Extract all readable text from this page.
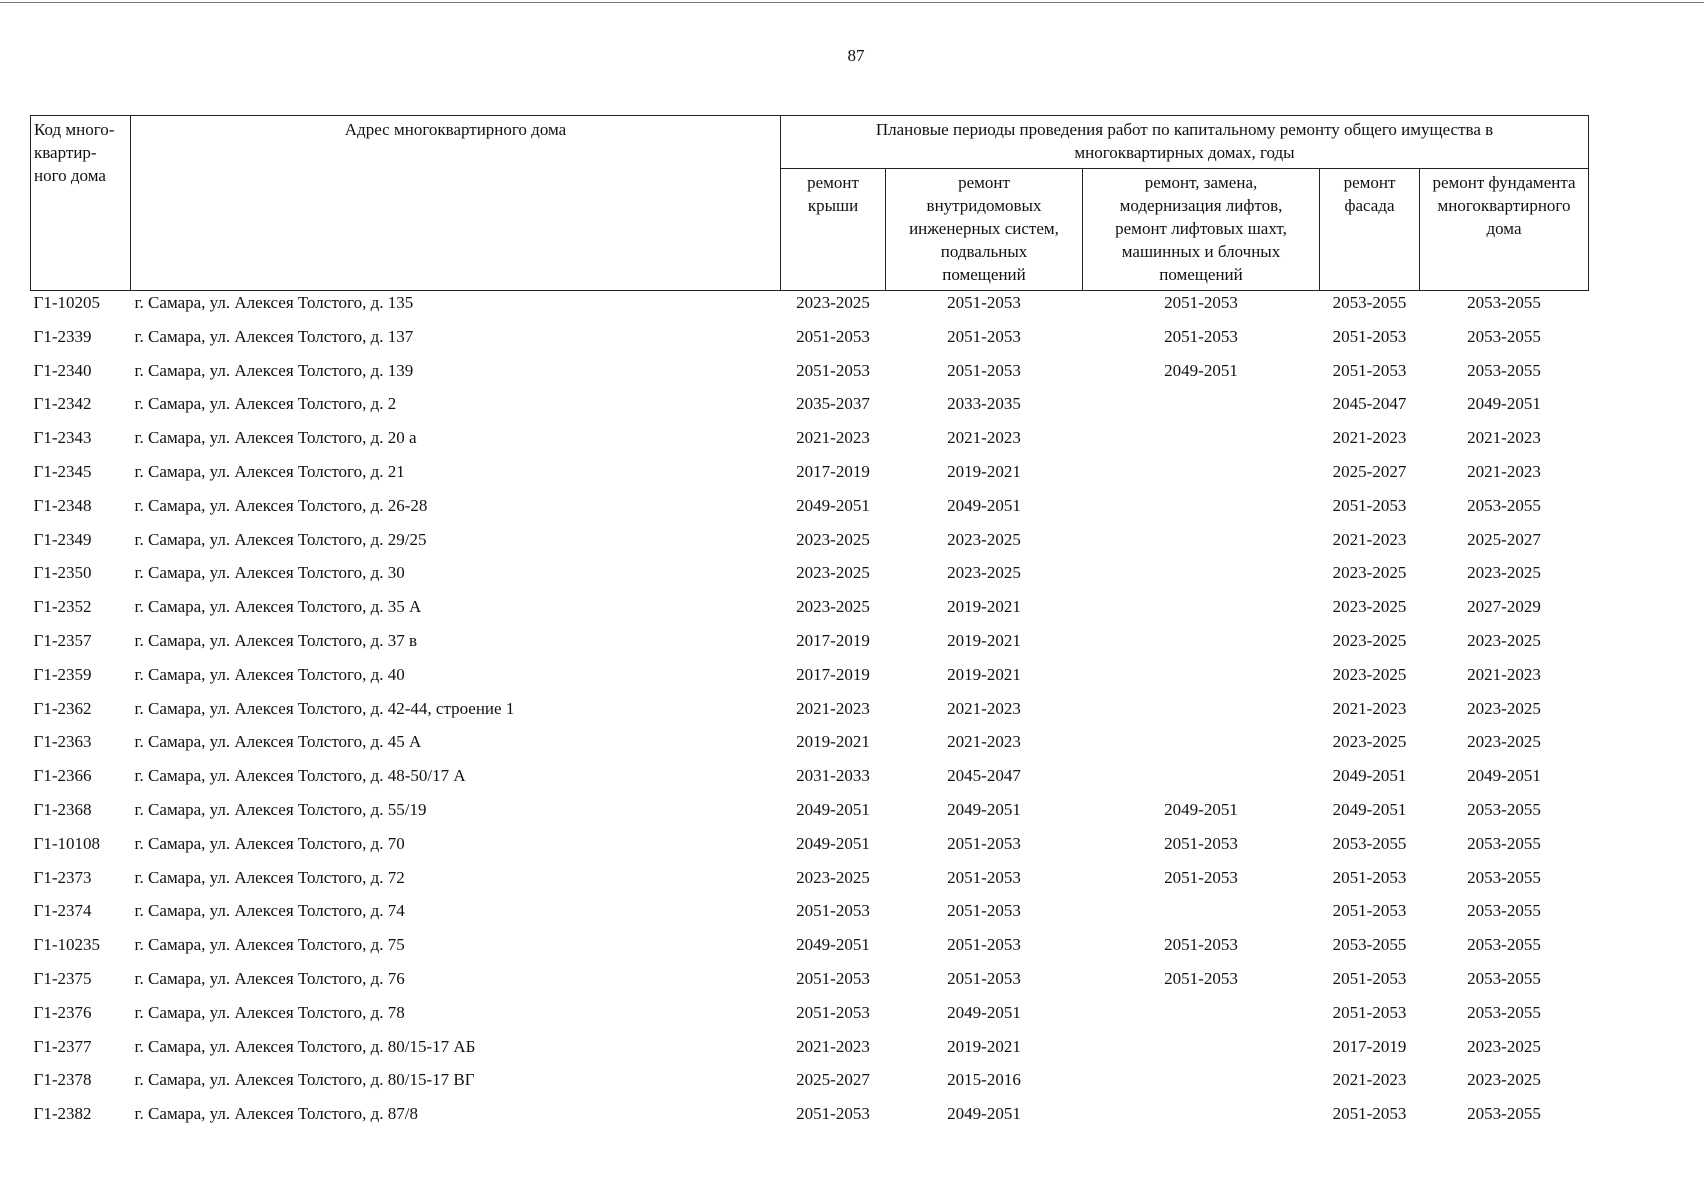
87
Код много-
квартир-
ного дома	Адрес многоквартирного дома	Плановые периоды проведения работ по капитальному ремонту общего имущества в многоквартирных домах, годы				
		ремонт
крыши	ремонт
внутридомовых
инженерных систем,
подвальных
помещений	ремонт, замена,
модернизация лифтов,
ремонт лифтовых шахт,
машинных и блочных
помещений	ремонт
фасада	ремонт фундамента
многоквартирного
дома
Г1-10205	г. Самара, ул. Алексея Толстого, д. 135	2023-2025	2051-2053	2051-2053	2053-2055	2053-2055
Г1-2339	г. Самара, ул. Алексея Толстого, д. 137	2051-2053	2051-2053	2051-2053	2051-2053	2053-2055
Г1-2340	г. Самара, ул. Алексея Толстого, д. 139	2051-2053	2051-2053	2049-2051	2051-2053	2053-2055
Г1-2342	г. Самара, ул. Алексея Толстого, д. 2	2035-2037	2033-2035		2045-2047	2049-2051
Г1-2343	г. Самара, ул. Алексея Толстого, д. 20 а	2021-2023	2021-2023		2021-2023	2021-2023
Г1-2345	г. Самара, ул. Алексея Толстого, д. 21	2017-2019	2019-2021		2025-2027	2021-2023
Г1-2348	г. Самара, ул. Алексея Толстого, д. 26-28	2049-2051	2049-2051		2051-2053	2053-2055
Г1-2349	г. Самара, ул. Алексея Толстого, д. 29/25	2023-2025	2023-2025		2021-2023	2025-2027
Г1-2350	г. Самара, ул. Алексея Толстого, д. 30	2023-2025	2023-2025		2023-2025	2023-2025
Г1-2352	г. Самара, ул. Алексея Толстого, д. 35 А	2023-2025	2019-2021		2023-2025	2027-2029
Г1-2357	г. Самара, ул. Алексея Толстого, д. 37 в	2017-2019	2019-2021		2023-2025	2023-2025
Г1-2359	г. Самара, ул. Алексея Толстого, д. 40	2017-2019	2019-2021		2023-2025	2021-2023
Г1-2362	г. Самара, ул. Алексея Толстого, д. 42-44, строение 1	2021-2023	2021-2023		2021-2023	2023-2025
Г1-2363	г. Самара, ул. Алексея Толстого, д. 45 А	2019-2021	2021-2023		2023-2025	2023-2025
Г1-2366	г. Самара, ул. Алексея Толстого, д. 48-50/17 А	2031-2033	2045-2047		2049-2051	2049-2051
Г1-2368	г. Самара, ул. Алексея Толстого, д. 55/19	2049-2051	2049-2051	2049-2051	2049-2051	2053-2055
Г1-10108	г. Самара, ул. Алексея Толстого, д. 70	2049-2051	2051-2053	2051-2053	2053-2055	2053-2055
Г1-2373	г. Самара, ул. Алексея Толстого, д. 72	2023-2025	2051-2053	2051-2053	2051-2053	2053-2055
Г1-2374	г. Самара, ул. Алексея Толстого, д. 74	2051-2053	2051-2053		2051-2053	2053-2055
Г1-10235	г. Самара, ул. Алексея Толстого, д. 75	2049-2051	2051-2053	2051-2053	2053-2055	2053-2055
Г1-2375	г. Самара, ул. Алексея Толстого, д. 76	2051-2053	2051-2053	2051-2053	2051-2053	2053-2055
Г1-2376	г. Самара, ул. Алексея Толстого, д. 78	2051-2053	2049-2051		2051-2053	2053-2055
Г1-2377	г. Самара, ул. Алексея Толстого, д. 80/15-17 АБ	2021-2023	2019-2021		2017-2019	2023-2025
Г1-2378	г. Самара, ул. Алексея Толстого, д. 80/15-17 ВГ	2025-2027	2015-2016		2021-2023	2023-2025
Г1-2382	г. Самара, ул. Алексея Толстого, д. 87/8	2051-2053	2049-2051		2051-2053	2053-2055
